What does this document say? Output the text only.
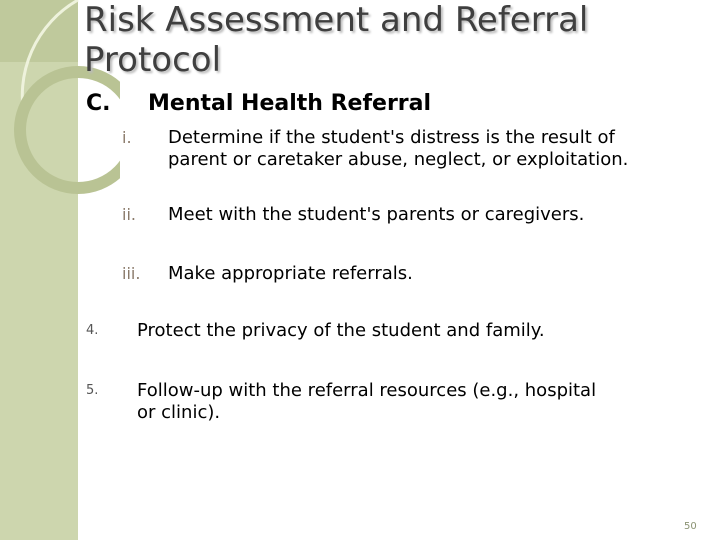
Risk Assessment and Referral
Protocol
C. Mental Health Referral
i. Determine if the student's distress is the result of
parent or caretaker abuse, neglect, or exploitation.
ii. Meet with the student's parents or caregivers.
iii. Make appropriate referrals.
4. Protect the privacy of the student and family.
5. Follow-up with the referral resources (e.g., hospital
or clinic).
50
